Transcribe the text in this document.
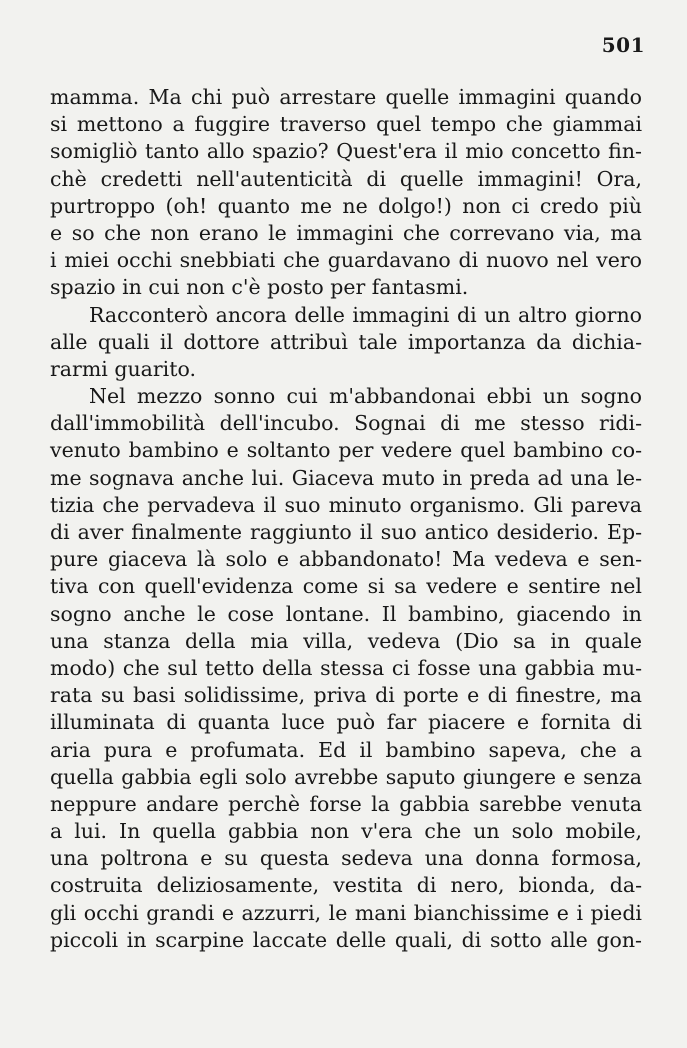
501
mamma. Ma chi può arrestare quelle immagini quando
si mettono a fuggire traverso quel tempo che giammai
somigliò tanto allo spazio? Quest'era il mio concetto fin-
chè credetti nell'autenticità di quelle immagini! Ora,
purtroppo (oh! quanto me ne dolgo!) non ci credo più
e so che non erano le immagini che correvano via, ma
i miei occhi snebbiati che guardavano di nuovo nel vero
spazio in cui non c'è posto per fantasmi.
Racconterò ancora delle immagini di un altro giorno
alle quali il dottore attribuì tale importanza da dichia-
rarmi guarito.
Nel mezzo sonno cui m'abbandonai ebbi un sogno
dall'immobilità dell'incubo. Sognai di me stesso ridi-
venuto bambino e soltanto per vedere quel bambino co-
me sognava anche lui. Giaceva muto in preda ad una le-
tizia che pervadeva il suo minuto organismo. Gli pareva
di aver finalmente raggiunto il suo antico desiderio. Ep-
pure giaceva là solo e abbandonato! Ma vedeva e sen-
tiva con quell'evidenza come si sa vedere e sentire nel
sogno anche le cose lontane. Il bambino, giacendo in
una stanza della mia villa, vedeva (Dio sa in quale
modo) che sul tetto della stessa ci fosse una gabbia mu-
rata su basi solidissime, priva di porte e di finestre, ma
illuminata di quanta luce può far piacere e fornita di
aria pura e profumata. Ed il bambino sapeva, che a
quella gabbia egli solo avrebbe saputo giungere e senza
neppure andare perchè forse la gabbia sarebbe venuta
a lui. In quella gabbia non v'era che un solo mobile,
una poltrona e su questa sedeva una donna formosa,
costruita deliziosamente, vestita di nero, bionda, da-
gli occhi grandi e azzurri, le mani bianchissime e i piedi
piccoli in scarpine laccate delle quali, di sotto alle gon-
